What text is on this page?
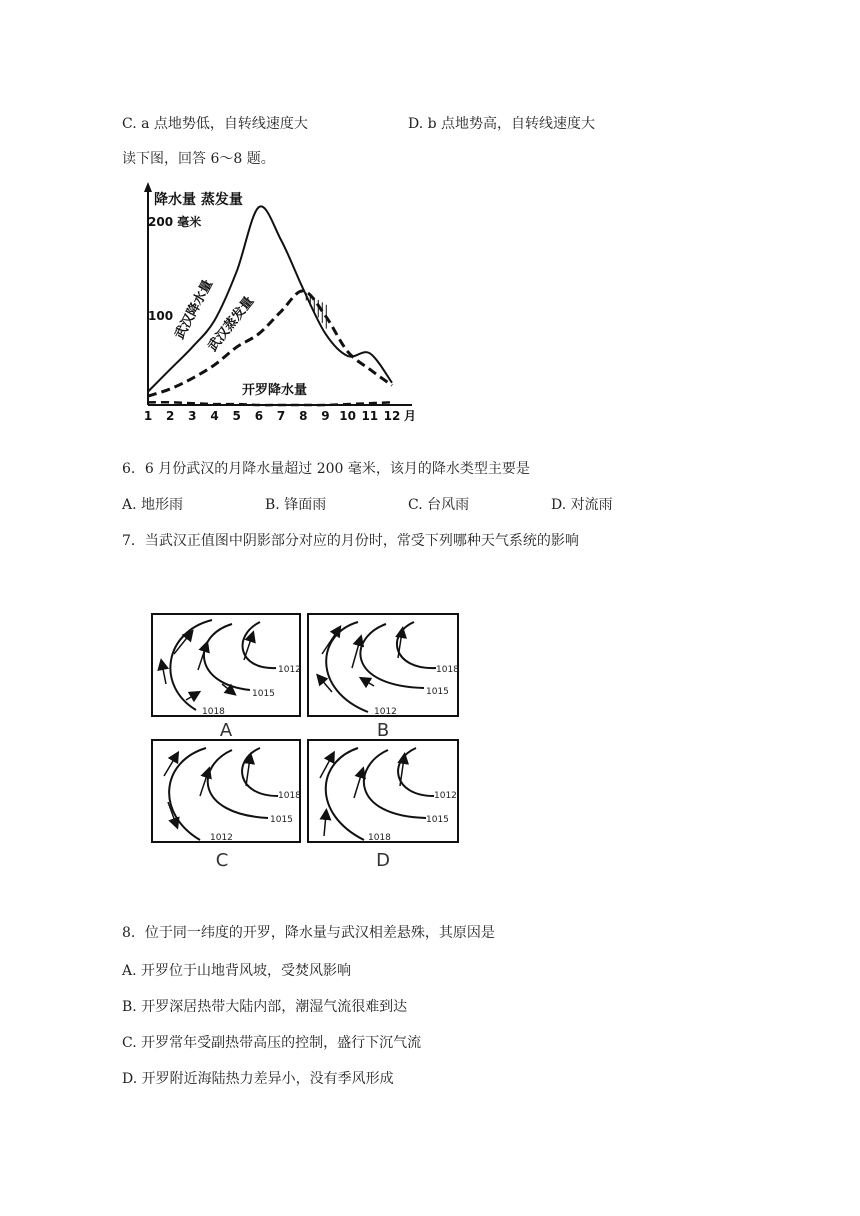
C. a 点地势低，自转线速度大	D. b 点地势高，自转线速度大
读下图，回答 6～8 题。
降水量 蒸发量
200 毫米
100 武汉降水量
武汉蒸发量
开罗降水量
1 2 3 4 5 6 7 8 9 10 11 12 月
6．6 月份武汉的月降水量超过 200 毫米，该月的降水类型主要是
A. 地形雨	B. 锋面雨	C. 台风雨	D. 对流雨
7．当武汉正值图中阴影部分对应的月份时，常受下列哪种天气系统的影响
1012
1015
1018
A
1018
1015
1012
B
1018
1015
1012
C
1012
1015
1018
D
8．位于同一纬度的开罗，降水量与武汉相差悬殊，其原因是
A. 开罗位于山地背风坡，受焚风影响
B. 开罗深居热带大陆内部，潮湿气流很难到达
C. 开罗常年受副热带高压的控制，盛行下沉气流
D. 开罗附近海陆热力差异小，没有季风形成
